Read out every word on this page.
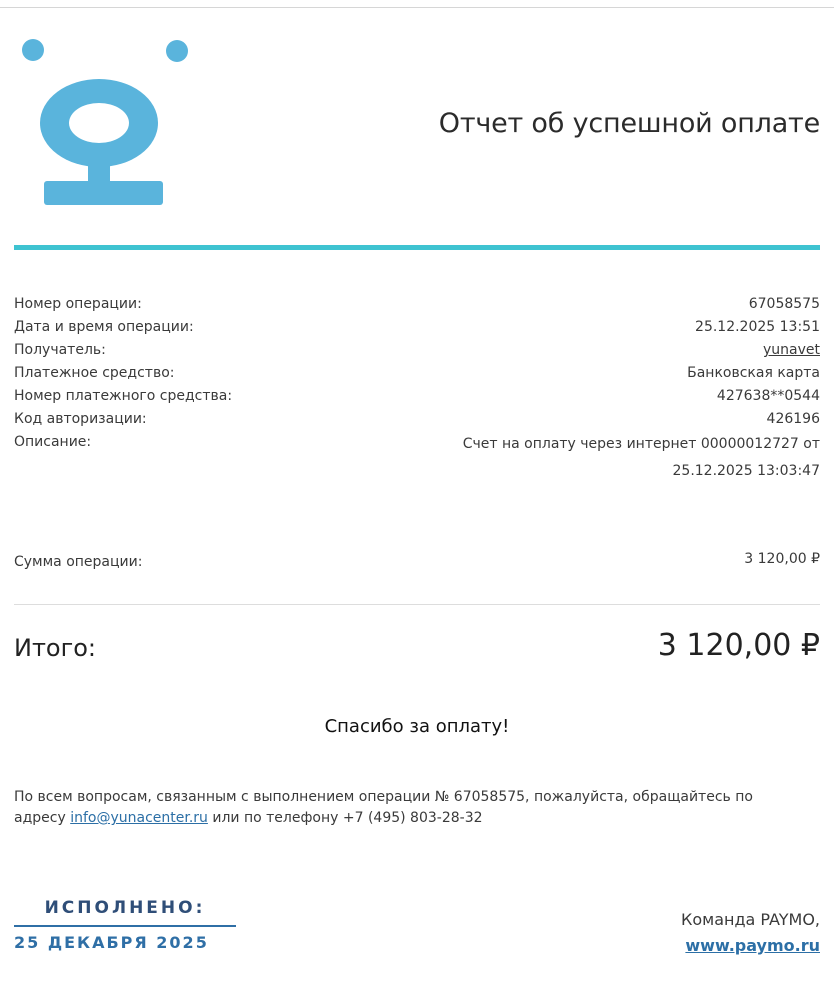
Отчет об успешной оплате
Номер операции:	67058575
Дата и время операции:	25.12.2025 13:51
Получатель:	yunavet
Платежное средство:	Банковская карта
Номер платежного средства:	427638**0544
Код авторизации:	426196
Описание:	Счет на оплату через интернет 00000012727 от
25.12.2025 13:03:47
Сумма операции:	3 120,00 ₽
Итого:	3 120,00 ₽
Спасибо за оплату!
По всем вопросам, связанным с выполнением операции № 67058575, пожалуйста, обращайтесь по адресу info@yunacenter.ru или по телефону +7 (495) 803-28-32
ИСПОЛНЕНО:
25 ДЕКАБРЯ 2025
Команда PAYMO,
www.paymo.ru
